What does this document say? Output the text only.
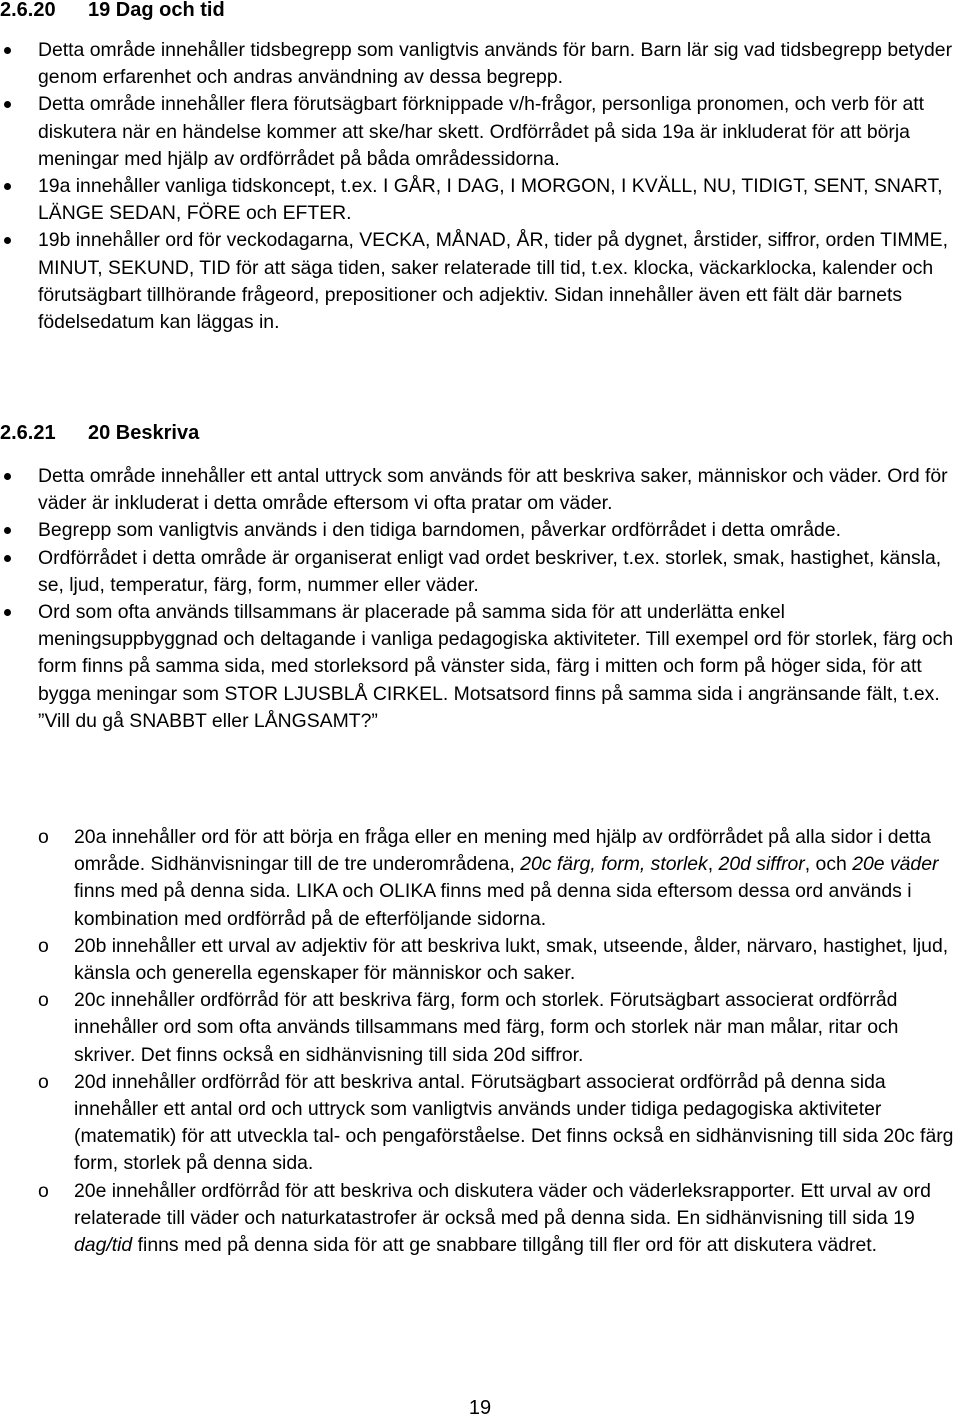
2.6.20 19 Dag och tid
Detta område innehåller tidsbegrepp som vanligtvis används för barn. Barn lär sig vad tidsbegrepp betyder genom erfarenhet och andras användning av dessa begrepp.
Detta område innehåller flera förutsägbart förknippade v/h-frågor, personliga pronomen, och verb för att diskutera när en händelse kommer att ske/har skett. Ordförrådet på sida 19a är inkluderat för att börja meningar med hjälp av ordförrådet på båda områdessidorna.
19a innehåller vanliga tidskoncept, t.ex. I GÅR, I DAG, I MORGON, I KVÄLL, NU, TIDIGT, SENT, SNART, LÄNGE SEDAN, FÖRE och EFTER.
19b innehåller ord för veckodagarna, VECKA, MÅNAD, ÅR, tider på dygnet, årstider, siffror, orden TIMME, MINUT, SEKUND, TID för att säga tiden, saker relaterade till tid, t.ex. klocka, väckarklocka, kalender och förutsägbart tillhörande frågeord, prepositioner och adjektiv. Sidan innehåller även ett fält där barnets födelsedatum kan läggas in.
2.6.21 20 Beskriva
Detta område innehåller ett antal uttryck som används för att beskriva saker, människor och väder. Ord för väder är inkluderat i detta område eftersom vi ofta pratar om väder.
Begrepp som vanligtvis används i den tidiga barndomen, påverkar ordförrådet i detta område.
Ordförrådet i detta område är organiserat enligt vad ordet beskriver, t.ex. storlek, smak, hastighet, känsla, se, ljud, temperatur, färg, form, nummer eller väder.
Ord som ofta används tillsammans är placerade på samma sida för att underlätta enkel meningsuppbyggnad och deltagande i vanliga pedagogiska aktiviteter. Till exempel ord för storlek, färg och form finns på samma sida, med storleksord på vänster sida, färg i mitten och form på höger sida, för att bygga meningar som STOR LJUSBLÅ CIRKEL. Motsatsord finns på samma sida i angränsande fält, t.ex. ”Vill du gå SNABBT eller LÅNGSAMT?”
o 20a innehåller ord för att börja en fråga eller en mening med hjälp av ordförrådet på alla sidor i detta område. Sidhänvisningar till de tre underområdena, 20c färg, form, storlek, 20d siffror, och 20e väder finns med på denna sida. LIKA och OLIKA finns med på denna sida eftersom dessa ord används i kombination med ordförråd på de efterföljande sidorna.
o 20b innehåller ett urval av adjektiv för att beskriva lukt, smak, utseende, ålder, närvaro, hastighet, ljud, känsla och generella egenskaper för människor och saker.
o 20c innehåller ordförråd för att beskriva färg, form och storlek. Förutsägbart associerat ordförråd innehåller ord som ofta används tillsammans med färg, form och storlek när man målar, ritar och skriver. Det finns också en sidhänvisning till sida 20d siffror.
o 20d innehåller ordförråd för att beskriva antal. Förutsägbart associerat ordförråd på denna sida innehåller ett antal ord och uttryck som vanligtvis används under tidiga pedagogiska aktiviteter (matematik) för att utveckla tal- och pengaförståelse. Det finns också en sidhänvisning till sida 20c färg form, storlek på denna sida.
o 20e innehåller ordförråd för att beskriva och diskutera väder och väderleksrapporter. Ett urval av ord relaterade till väder och naturkatastrofer är också med på denna sida. En sidhänvisning till sida 19 dag/tid finns med på denna sida för att ge snabbare tillgång till fler ord för att diskutera vädret.
19
